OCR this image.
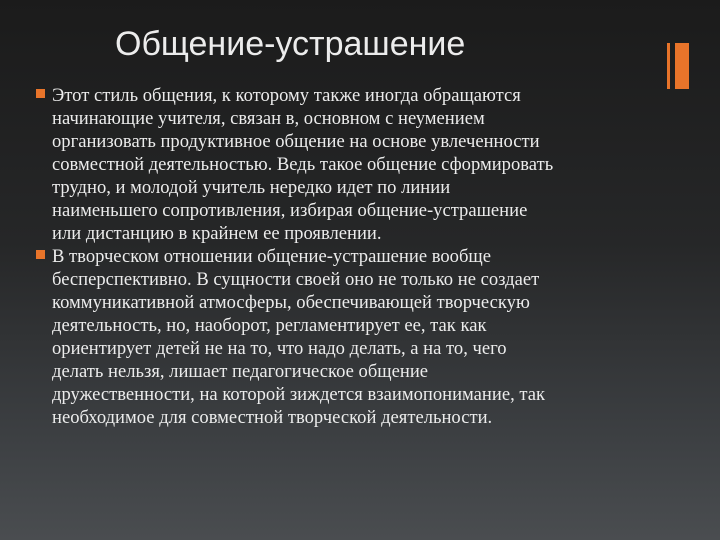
Общение-устрашение
Этот стиль общения, к которому также иногда обращаются
начинающие учителя, связан в, основном с неумением
организовать продуктивное общение на основе увлеченности
совместной деятельностью. Ведь такое общение сформировать
трудно, и молодой учитель нередко идет по линии
наименьшего сопротивления, избирая общение-устрашение
или дистанцию в крайнем ее проявлении.
В творческом отношении общение-устрашение вообще
бесперспективно. В сущности своей оно не только не создает
коммуникативной атмосферы, обеспечивающей творческую
деятельность, но, наоборот, регламентирует ее, так как
ориентирует детей не на то, что надо делать, а на то, чего
делать нельзя, лишает педагогическое общение
дружественности, на которой зиждется взаимопонимание, так
необходимое для совместной творческой деятельности.
